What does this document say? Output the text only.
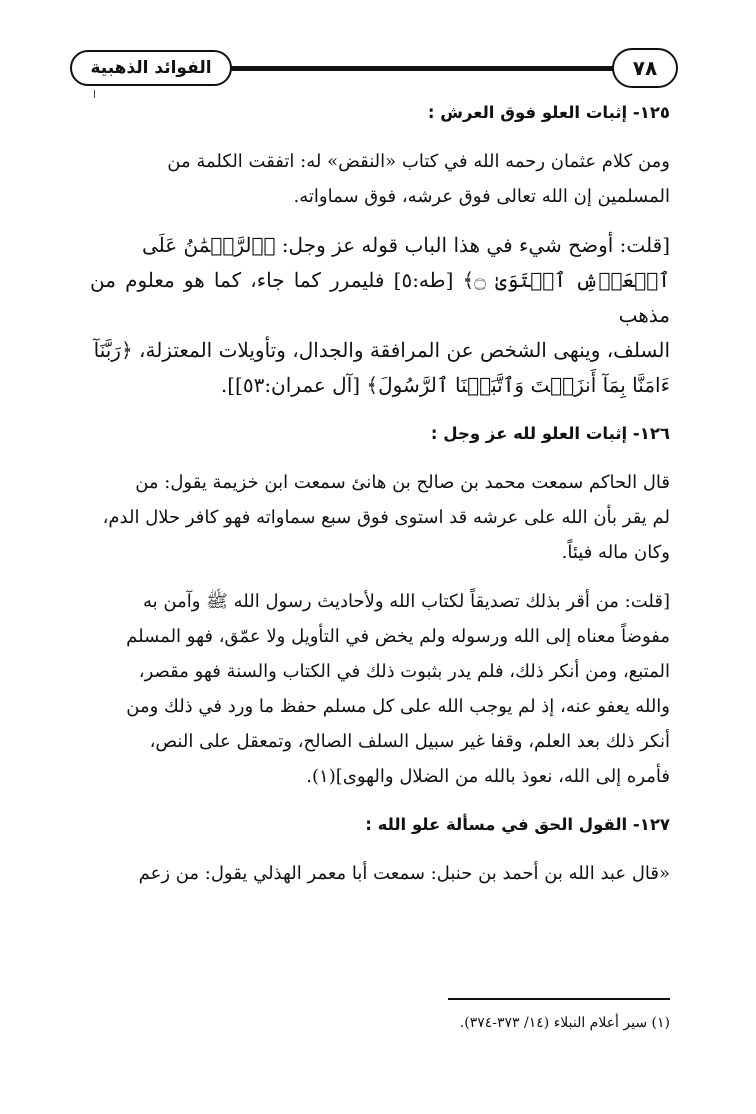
الفوائد الذهبية	٧٨
١٢٥- إثبات العلو فوق العرش :

ومن كلام عثمان رحمه الله في كتاب «النقض» له: اتفقت الكلمة من

المسلمين إن الله تعالى فوق عرشه، فوق سماواته.

[قلت: أوضح شيء في هذا الباب قوله عز وجل: ﴿ٱلرَّحۡمَٰنُ عَلَى

ٱلۡعَرۡشِ ٱسۡتَوَىٰ ۝﴾ [طه:٥] فليمرر كما جاء، كما هو معلوم من مذهب

السلف، وينهى الشخص عن المرافقة والجدال، وتأويلات المعتزلة، ﴿رَبَّنَآ

ءَامَنَّا بِمَآ أَنزَلۡتَ وَٱتَّبَعۡنَا ٱلرَّسُولَ﴾ [آل عمران:٥٣]].

١٢٦- إثبات العلو لله عز وجل :

قال الحاكم سمعت محمد بن صالح بن هانئ سمعت ابن خزيمة يقول: من

لم يقر بأن الله على عرشه قد استوى فوق سبع سماواته فهو كافر حلال الدم،

وكان ماله فيئاً.

[قلت: من أقر بذلك تصديقاً لكتاب الله ولأحاديث رسول الله ﷺ وآمن به

مفوضاً معناه إلى الله ورسوله ولم يخض في التأويل ولا عمّق، فهو المسلم

المتبع، ومن أنكر ذلك، فلم يدر بثبوت ذلك في الكتاب والسنة فهو مقصر،

والله يعفو عنه، إذ لم يوجب الله على كل مسلم حفظ ما ورد في ذلك ومن

أنكر ذلك بعد العلم، وقفا غير سبيل السلف الصالح، وتمعقل على النص،

فأمره إلى الله، نعوذ بالله من الضلال والهوى](١).

١٢٧- القول الحق في مسألة علو الله :

«قال عبد الله بن أحمد بن حنبل: سمعت أبا معمر الهذلي يقول: من زعم

(١) سير أعلام النبلاء (١٤/ ٣٧٣-٣٧٤).
